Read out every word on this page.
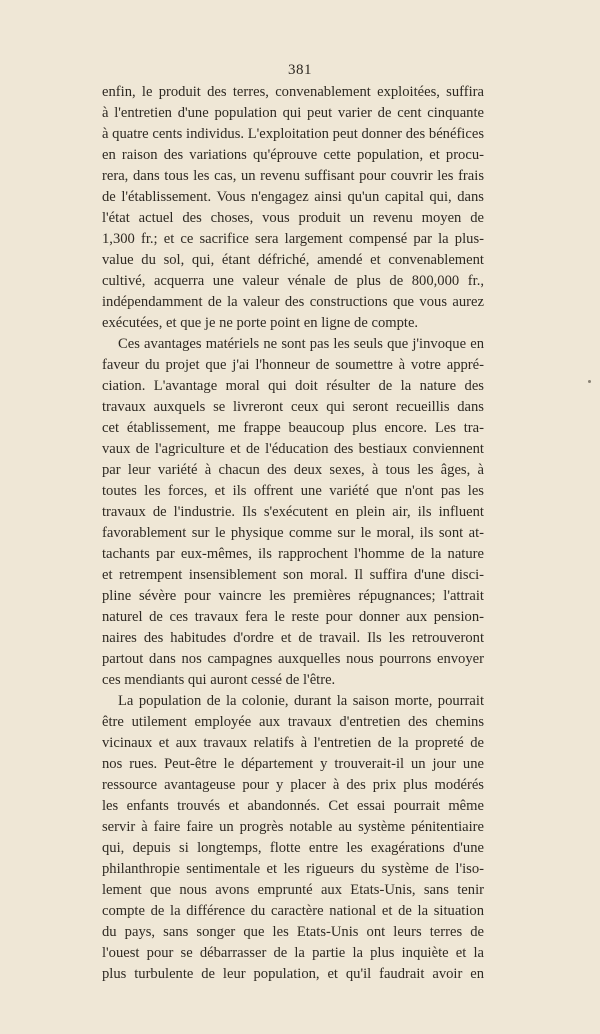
381

enfin, le produit des terres, convenablement exploitées, suffira
à l'entretien d'une population qui peut varier de cent cinquante
à quatre cents individus. L'exploitation peut donner des bénéfices
en raison des variations qu'éprouve cette population, et procu-
rera, dans tous les cas, un revenu suffisant pour couvrir les frais
de l'établissement. Vous n'engagez ainsi qu'un capital qui, dans
l'état actuel des choses, vous produit un revenu moyen de
1,300 fr.; et ce sacrifice sera largement compensé par la plus-
value du sol, qui, étant défriché, amendé et convenablement
cultivé, acquerra une valeur vénale de plus de 800,000 fr.,
indépendamment de la valeur des constructions que vous aurez
exécutées, et que je ne porte point en ligne de compte.

Ces avantages matériels ne sont pas les seuls que j'invoque en
faveur du projet que j'ai l'honneur de soumettre à votre appré-
ciation. L'avantage moral qui doit résulter de la nature des
travaux auxquels se livreront ceux qui seront recueillis dans
cet établissement, me frappe beaucoup plus encore. Les tra-
vaux de l'agriculture et de l'éducation des bestiaux conviennent
par leur variété à chacun des deux sexes, à tous les âges, à
toutes les forces, et ils offrent une variété que n'ont pas les
travaux de l'industrie. Ils s'exécutent en plein air, ils influent
favorablement sur le physique comme sur le moral, ils sont at-
tachants par eux-mêmes, ils rapprochent l'homme de la nature
et retrempent insensiblement son moral. Il suffira d'une disci-
pline sévère pour vaincre les premières répugnances; l'attrait
naturel de ces travaux fera le reste pour donner aux pension-
naires des habitudes d'ordre et de travail. Ils les retrouveront
partout dans nos campagnes auxquelles nous pourrons envoyer
ces mendiants qui auront cessé de l'être.

La population de la colonie, durant la saison morte, pourrait
être utilement employée aux travaux d'entretien des chemins
vicinaux et aux travaux relatifs à l'entretien de la propreté de
nos rues. Peut-être le département y trouverait-il un jour une
ressource avantageuse pour y placer à des prix plus modérés
les enfants trouvés et abandonnés. Cet essai pourrait même
servir à faire faire un progrès notable au système pénitentiaire
qui, depuis si longtemps, flotte entre les exagérations d'une
philanthropie sentimentale et les rigueurs du système de l'iso-
lement que nous avons emprunté aux Etats-Unis, sans tenir
compte de la différence du caractère national et de la situation
du pays, sans songer que les Etats-Unis ont leurs terres de
l'ouest pour se débarrasser de la partie la plus inquiète et la
plus turbulente de leur population, et qu'il faudrait avoir en
